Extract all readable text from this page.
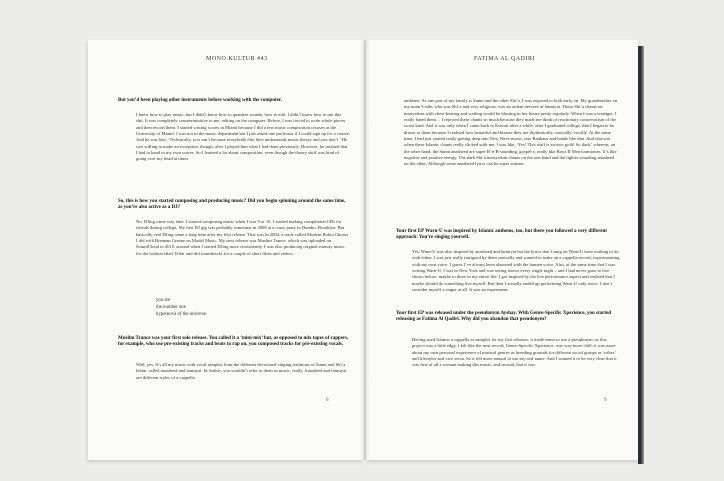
MONO.KULTUR #43

But you’d been playing other instruments before working with the computer.

I knew how to play music, but I didn’t know how to quantize sounds, how to edit. I didn’t know how to use this shit. It was completely counterintuitive to me, editing on the computer. Before, I was forced to write whole pieces and then record them. I started writing scores in Miami because I did a few music composition courses at the University of Miami. I was not in the music department but I just asked one professor if I could sign up for a course. And he was like, ‘Technically, you can’t because everybody else here understands music theory and you don’t.’ He was willing to make an exception, though, after I played him what I had done previously. However, he insisted that I had to hand in my own scores. So I learned a lot about composition, even though the theory stuff was kind of going over my head at times.

So, this is how you started composing and producing music? Did you begin spinning around the same time, as you’re also active as a DJ?

No, DJing came way later. I started composing music when I was 9 or 10. I started making compilation CDs for friends during college. My first DJ gig was probably sometime in 2008 at a crazy party in Dumbo, Brooklyn. But basically, real DJing came a long time after my first release. That was in 2004, a track called Modern Robot Chorus I did with Brennan Greene on Modal Music. My next release was Muslim Trance, which was uploaded on SoundCloud in 2010, around when I started DJing more consistently. I was also producing original runway music for the fashion label Telfar and did soundtracks for a couple of short films and videos.

you are
the number one
hypernova of the universe

Muslim Trance was your first solo release. You called it a ‘mini-mix’ but, as opposed to mix tapes of rappers, for example, who use pre-existing tracks and beats to rap on, you composed tracks for pre-existing vocals.

Well, yes. It’s all my music with vocal samples from the different devotional singing traditions of Sunni and Shi’a Islam, called anasheed and latmiyat. In Arabic, you wouldn’t refer to them as music, really. Anasheed and latmiyat are different styles of a cappella

6
FATIMA AL QADIRI

anthems. As one part of my family is Sunni and the other Shi’a, I was exposed to both early on. My grandmother on my mom’s side, who was Shi’a and very religious, was an ardent devotee of latmiyat. These Shi’a chants on martyrdom with chest-beating and wailing would be blasting in her house pretty regularly. When I was a teenager, I really hated them… I rejected these chants so much because they made me think of reactionary conservatism of the worst kind. And it was only when I came back to Kuwait after a while, after I graduated college, that I began to be drawn to them because I realised how beautiful and bizarre they are rhythmically, sonically, vocally. At the same time, I had just started really getting deep into New Wave music, into Bauhaus and bands like that. And that was when these Islamic chants really clicked with me. I was like, ‘Yes! This stuff is sooooo goth! So dark,’ whereas, on the other hand, the Sunni anasheed are super R’n’B-sounding, gospel-y, really like Boyz II Men harmonies. It’s like negative and positive energy. The dark Shi’a martyrdom chants on the one hand and the lighter sounding anasheed on the other. Although some anasheed lyrics can be super sinister.

Your first EP Warn-U was inspired by Islamic anthems, too, but there you followed a very different approach: You’re singing yourself.

Yes, Warn-U was also inspired by anasheed and latmiyat but the lyrics that I sung on Warn-U have nothing to do with either. I was just really intrigued by them sonically and wanted to make an a cappella record, experimenting with my own voice. I guess I’ve always been obsessed with the human voice. Also, at the same time that I was writing Warn-U, I was in New York and was seeing shows every single night – and I had never gone to live shows before, maybe to three in my entire life. I got inspired by the live performance aspect and realised that I maybe should do something live myself. But then I actually ended up performing Warn-U only twice. I don’t consider myself a singer at all. It was an experiment.

Your first EP was released under the pseudonym Ayshay. With Genre-Specific Xperience, you started releasing as Fatima Al Qadiri. Why did you abandon that pseudonym?

Having used Islamic a cappella as samples for my first releases, it made sense to use a pseudonym, as this project was a little edgy. I felt like the next record, Genre-Specific Xperience, was way more chill; it was more about my own personal experience of musical genres as breeding grounds for different social groups or ‘tribes’ and lifestyles and vice versa. So it felt more natural to use my real name. And I wanted it to be very clear that it was first of all a woman making this music, and second, that it was

9
